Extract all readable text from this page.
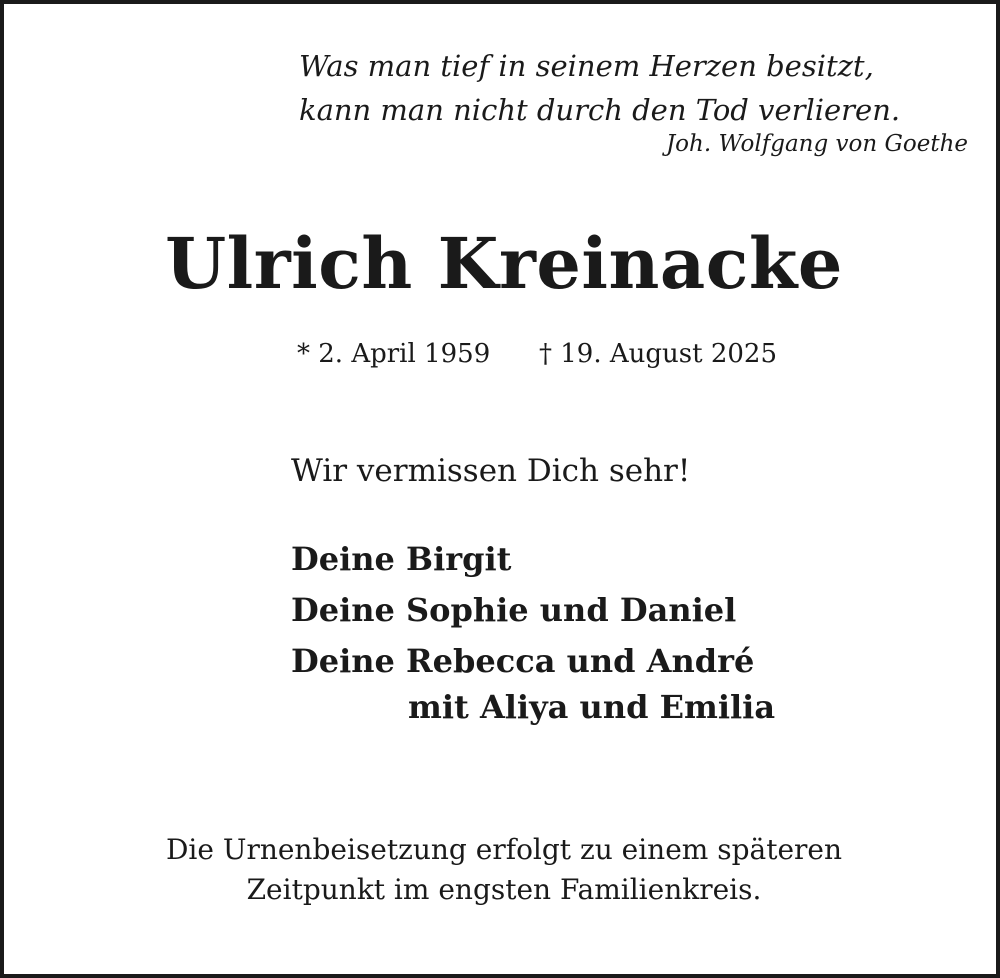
Was man tief in seinem Herzen besitzt,
kann man nicht durch den Tod verlieren.
Joh. Wolfgang von Goethe
Ulrich Kreinacke
* 2. April 1959 † 19. August 2025
Wir vermissen Dich sehr!
Deine Birgit
Deine Sophie und Daniel
Deine Rebecca und André
mit Aliya und Emilia
Die Urnenbeisetzung erfolgt zu einem späteren
Zeitpunkt im engsten Familienkreis.
